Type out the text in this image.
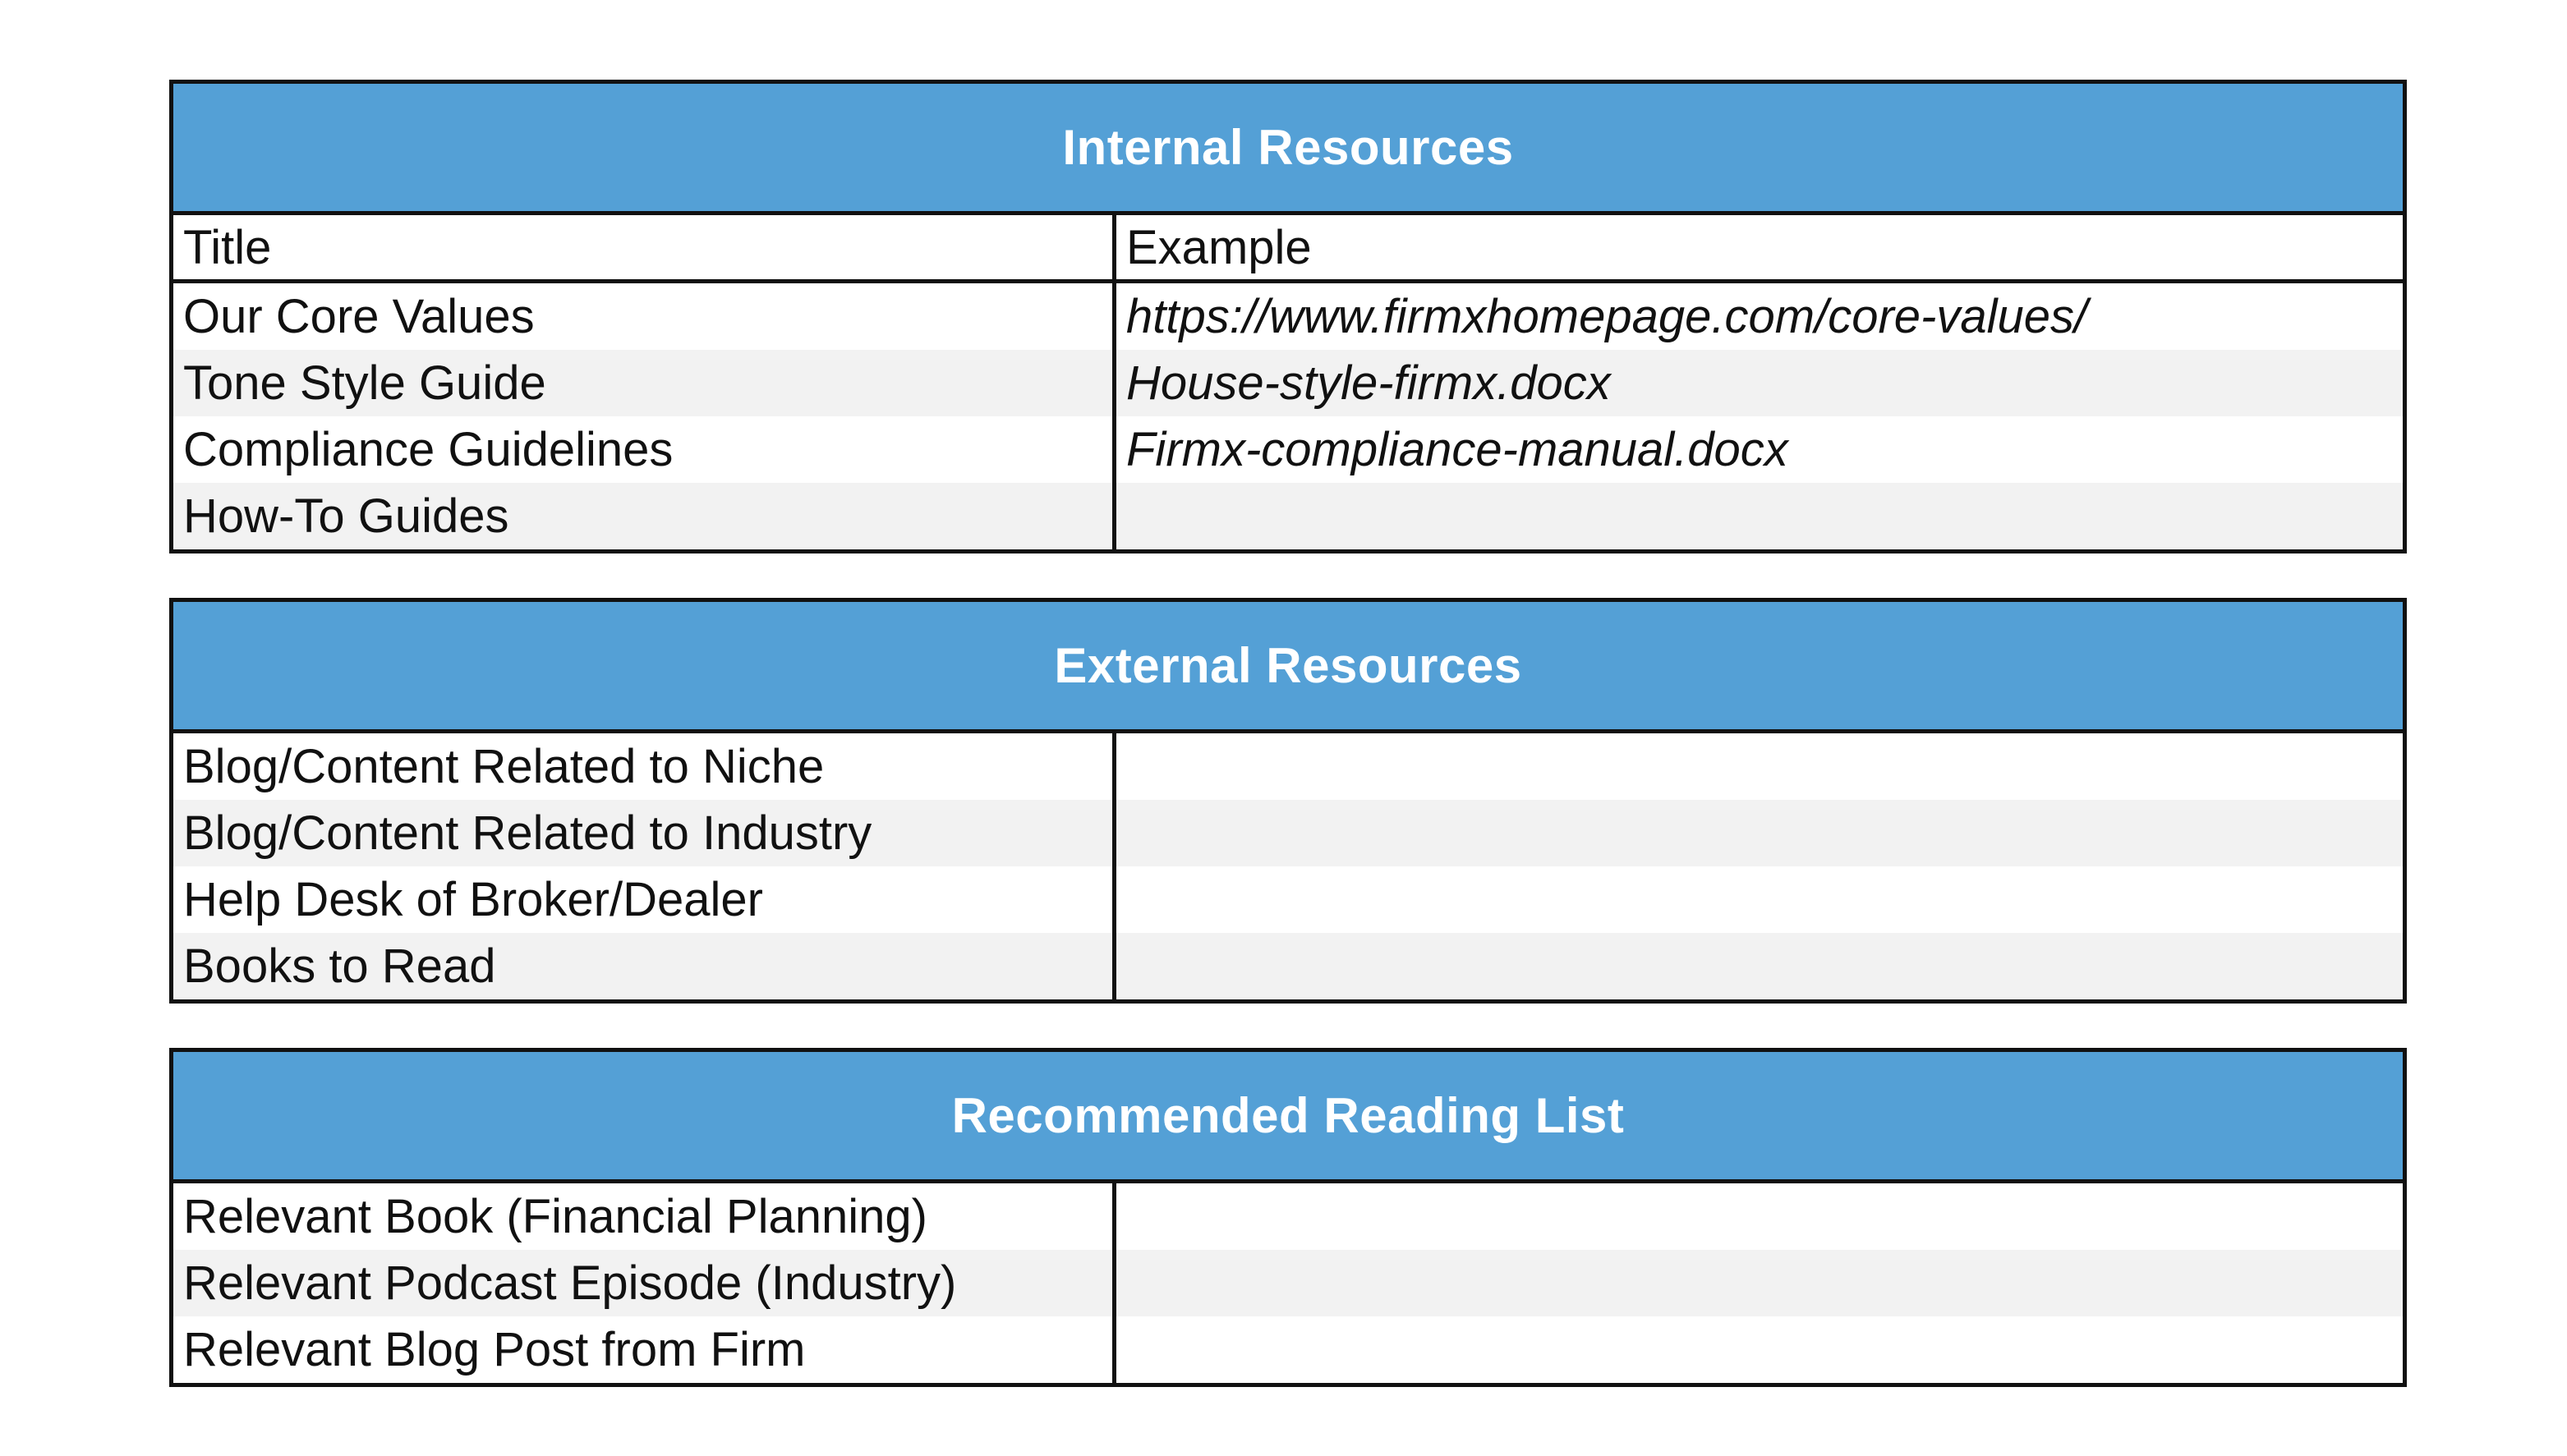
Internal Resources
Title	Example
Our Core Values	https://www.firmxhomepage.com/core-values/
Tone Style Guide	House-style-firmx.docx
Compliance Guidelines	Firmx-compliance-manual.docx
How-To Guides
External Resources
Blog/Content Related to Niche
Blog/Content Related to Industry
Help Desk of Broker/Dealer
Books to Read
Recommended Reading List
Relevant Book (Financial Planning)
Relevant Podcast Episode (Industry)
Relevant Blog Post from Firm
